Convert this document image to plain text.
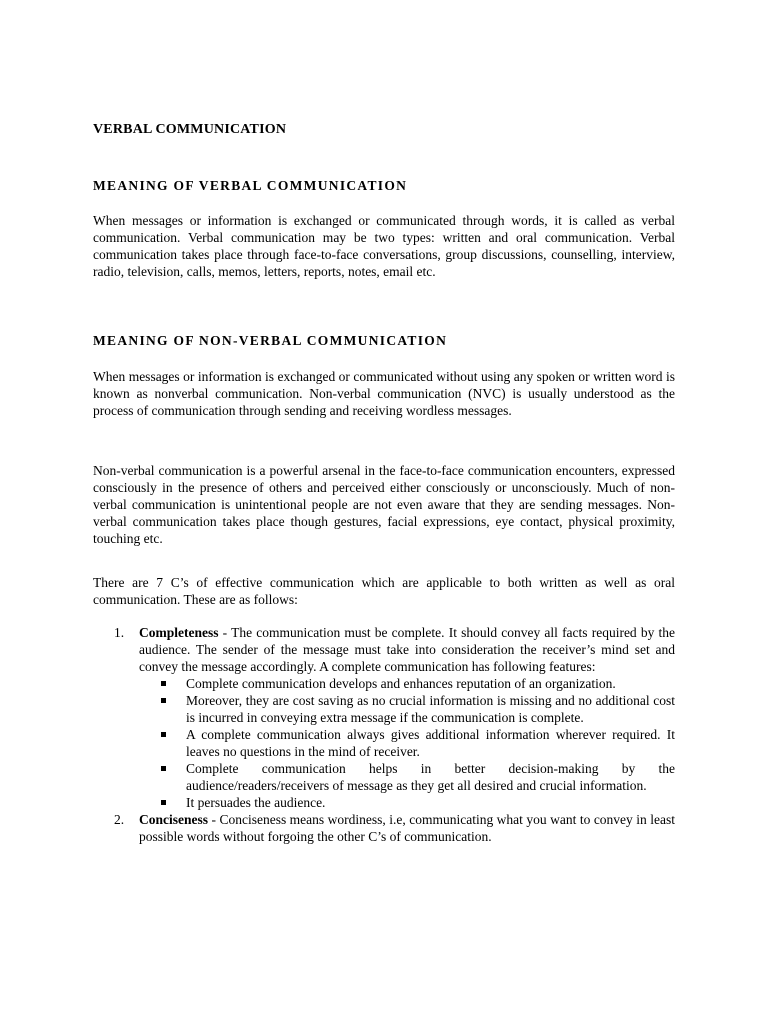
VERBAL COMMUNICATION
MEANING OF VERBAL COMMUNICATION

When messages or information is exchanged or communicated through words, it is called as verbal communication. Verbal communication may be two types: written and oral communication. Verbal communication takes place through face-to-face conversations, group discussions, counselling, interview, radio, television, calls, memos, letters, reports, notes, email etc.

MEANING OF NON-VERBAL COMMUNICATION

When messages or information is exchanged or communicated without using any spoken or written word is known as nonverbal communication. Non-verbal communication (NVC) is usually understood as the process of communication through sending and receiving wordless messages.

Non-verbal communication is a powerful arsenal in the face-to-face communication encounters, expressed consciously in the presence of others and perceived either consciously or unconsciously. Much of non-verbal communication is unintentional people are not even aware that they are sending messages. Non-verbal communication takes place though gestures, facial expressions, eye contact, physical proximity, touching etc.

There are 7 C’s of effective communication which are applicable to both written as well as oral communication. These are as follows:

1. Completeness - The communication must be complete. It should convey all facts required by the audience. The sender of the message must take into consideration the receiver’s mind set and convey the message accordingly. A complete communication has following features:

Complete communication develops and enhances reputation of an organization.
Moreover, they are cost saving as no crucial information is missing and no additional cost is incurred in conveying extra message if the communication is complete.
A complete communication always gives additional information wherever required. It leaves no questions in the mind of receiver.
Complete communication helps in better decision-making by the audience/readers/receivers of message as they get all desired and crucial information.
It persuades the audience.
2. Conciseness - Conciseness means wordiness, i.e, communicating what you want to convey in least possible words without forgoing the other C’s of communication.
